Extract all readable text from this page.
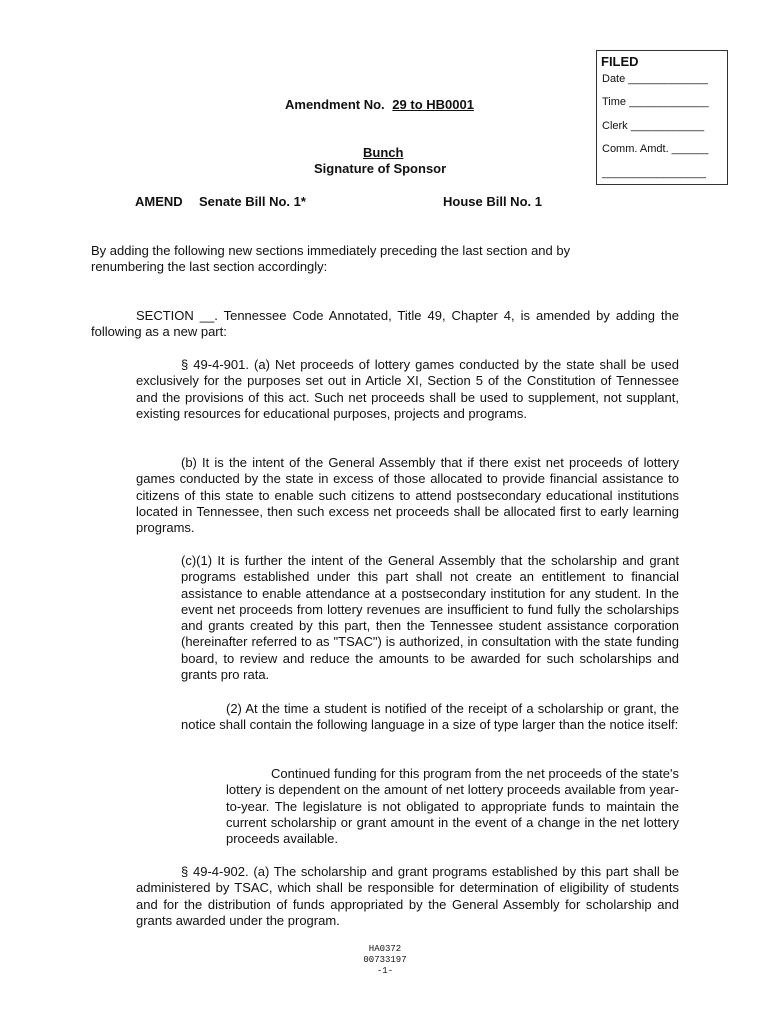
FILED
Date _____________
Time _____________
Clerk ____________
Comm. Amdt. ______
_________________
Amendment No. 29 to HB0001
Bunch
Signature of Sponsor
AMEND Senate Bill No. 1*	House Bill No. 1
By adding the following new sections immediately preceding the last section and by renumbering the last section accordingly:
SECTION __. Tennessee Code Annotated, Title 49, Chapter 4, is amended by adding the following as a new part:
§ 49-4-901. (a) Net proceeds of lottery games conducted by the state shall be used exclusively for the purposes set out in Article XI, Section 5 of the Constitution of Tennessee and the provisions of this act. Such net proceeds shall be used to supplement, not supplant, existing resources for educational purposes, projects and programs.
(b) It is the intent of the General Assembly that if there exist net proceeds of lottery games conducted by the state in excess of those allocated to provide financial assistance to citizens of this state to enable such citizens to attend postsecondary educational institutions located in Tennessee, then such excess net proceeds shall be allocated first to early learning programs.
(c)(1) It is further the intent of the General Assembly that the scholarship and grant programs established under this part shall not create an entitlement to financial assistance to enable attendance at a postsecondary institution for any student. In the event net proceeds from lottery revenues are insufficient to fund fully the scholarships and grants created by this part, then the Tennessee student assistance corporation (hereinafter referred to as "TSAC") is authorized, in consultation with the state funding board, to review and reduce the amounts to be awarded for such scholarships and grants pro rata.
(2) At the time a student is notified of the receipt of a scholarship or grant, the notice shall contain the following language in a size of type larger than the notice itself:
Continued funding for this program from the net proceeds of the state's lottery is dependent on the amount of net lottery proceeds available from year-to-year. The legislature is not obligated to appropriate funds to maintain the current scholarship or grant amount in the event of a change in the net lottery proceeds available.
§ 49-4-902. (a) The scholarship and grant programs established by this part shall be administered by TSAC, which shall be responsible for determination of eligibility of students and for the distribution of funds appropriated by the General Assembly for scholarship and grants awarded under the program.
HA0372
00733197
-1-
